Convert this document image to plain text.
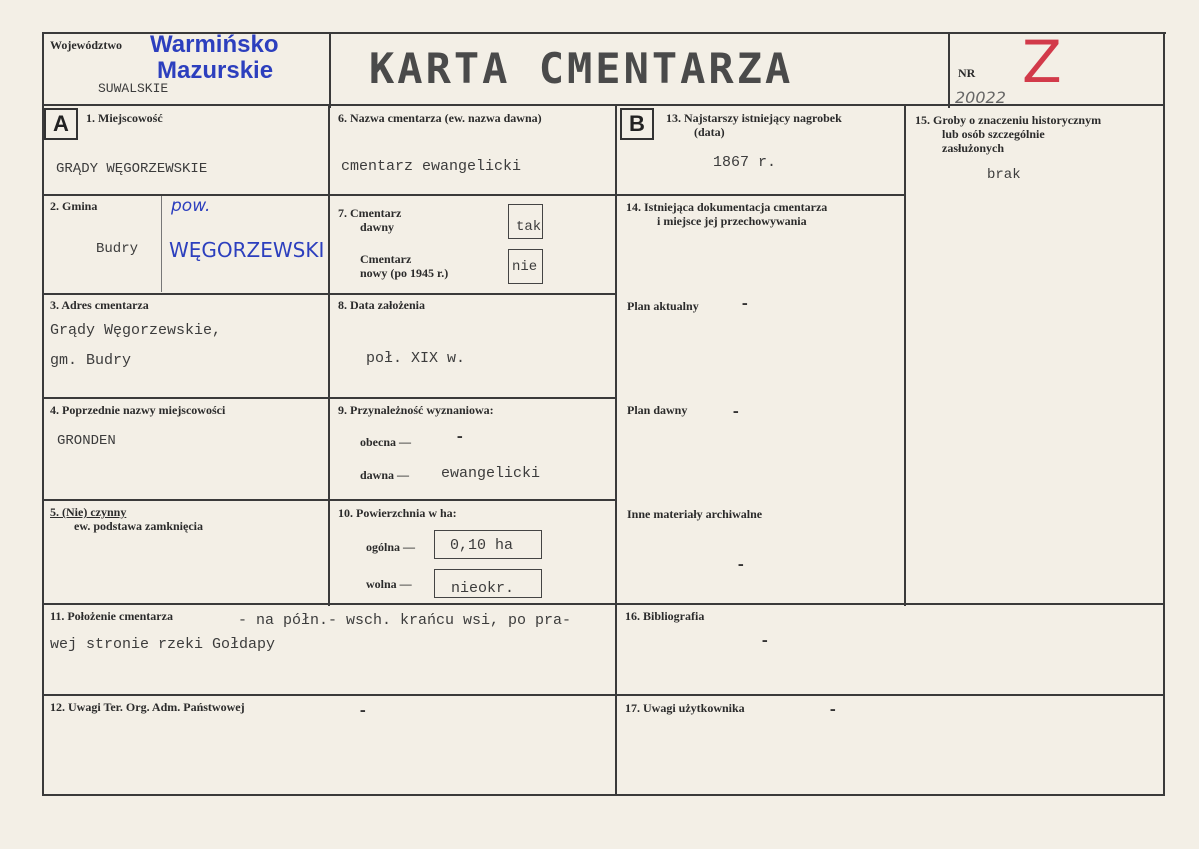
Województwo Warmińsko
Mazurskie
SUWALSKIE	KARTA CMENTARZA	NR Z
20022
A	B
1. Miejscowość
GRĄDY WĘGORZEWSKIE
2. Gmina
Budry
pow.
WĘGORZEWSKI
3. Adres cmentarza
Grądy Węgorzewskie,
gm. Budry
4. Poprzednie nazwy miejscowości
GRONDEN
5. (Nie) czynny
ew. podstawa zamknięcia
6. Nazwa cmentarza (ew. nazwa dawna)
cmentarz ewangelicki
7. Cmentarz
dawny	tak
Cmentarz
nowy (po 1945 r.)	nie
8. Data założenia
poł. XIX w.
9. Przynależność wyznaniowa:
obecna —	-
dawna — ewangelicki
10. Powierzchnia w ha:
ogólna — 0,10 ha
wolna —	nieokr.
11. Położenie cmentarza	- na półn.- wsch. krańcu wsi, po pra-
wej stronie rzeki Gołdapy
12. Uwagi Ter. Org. Adm. Państwowej	-
13. Najstarszy istniejący nagrobek
(data)
1867 r.
14. Istniejąca dokumentacja cmentarza
i miejsce jej przechowywania
Plan aktualny	-
Plan dawny	-
Inne materiały archiwalne
-
15. Groby o znaczeniu historycznym
lub osób szczególnie
zasłużonych
brak
16. Bibliografia
-
17. Uwagi użytkownika	-
